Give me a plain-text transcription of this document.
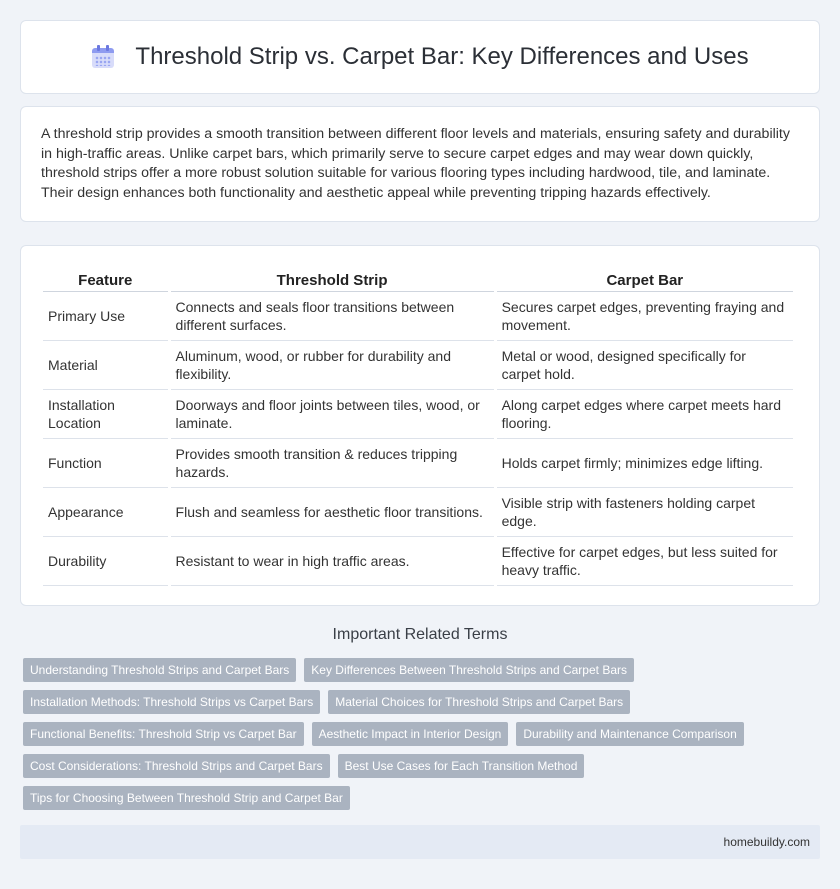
Threshold Strip vs. Carpet Bar: Key Differences and Uses

A threshold strip provides a smooth transition between different floor levels and materials, ensuring safety and durability in high-traffic areas. Unlike carpet bars, which primarily serve to secure carpet edges and may wear down quickly, threshold strips offer a more robust solution suitable for various flooring types including hardwood, tile, and laminate. Their design enhances both functionality and aesthetic appeal while preventing tripping hazards effectively.

Feature	Threshold Strip	Carpet Bar
Primary Use	Connects and seals floor transitions between different surfaces.	Secures carpet edges, preventing fraying and movement.
Material	Aluminum, wood, or rubber for durability and flexibility.	Metal or wood, designed specifically for carpet hold.
Installation Location	Doorways and floor joints between tiles, wood, or laminate.	Along carpet edges where carpet meets hard flooring.
Function	Provides smooth transition & reduces tripping hazards.	Holds carpet firmly; minimizes edge lifting.
Appearance	Flush and seamless for aesthetic floor transitions.	Visible strip with fasteners holding carpet edge.
Durability	Resistant to wear in high traffic areas.	Effective for carpet edges, but less suited for heavy traffic.
Important Related Terms
Understanding Threshold Strips and Carpet Bars	Key Differences Between Threshold Strips and Carpet Bars
Installation Methods: Threshold Strips vs Carpet Bars	Material Choices for Threshold Strips and Carpet Bars
Functional Benefits: Threshold Strip vs Carpet Bar	Aesthetic Impact in Interior Design	Durability and Maintenance Comparison
Cost Considerations: Threshold Strips and Carpet Bars	Best Use Cases for Each Transition Method
Tips for Choosing Between Threshold Strip and Carpet Bar
homebuildy.com
